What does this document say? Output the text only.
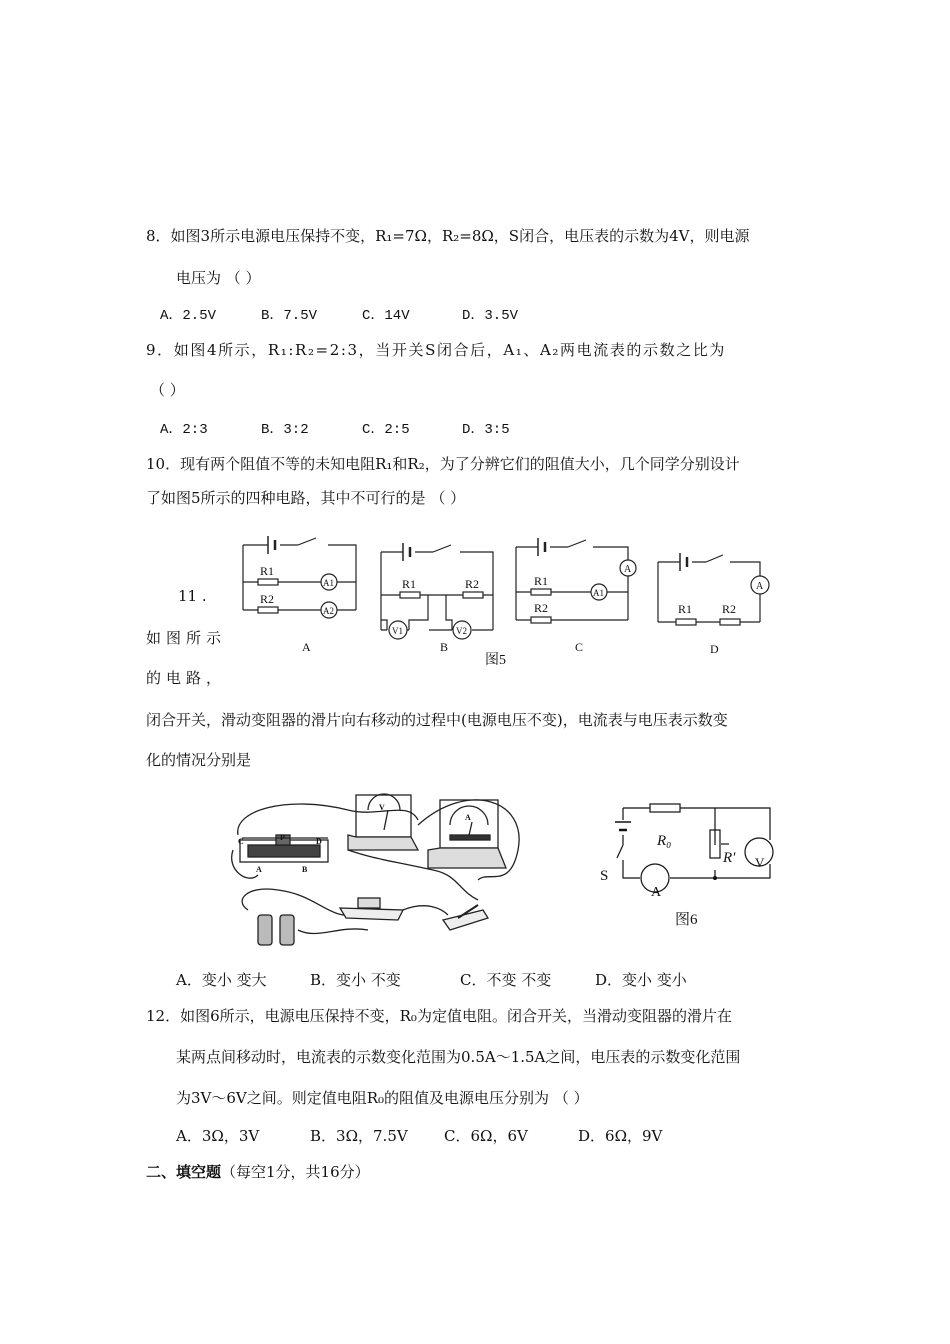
8．如图3所示电源电压保持不变，R₁=7Ω，R₂=8Ω，S闭合，电压表的示数为4V，则电源
电压为 （ ）
A．2.5V	B．7.5V	C．14V	D．3.5V
9．如图4所示，R₁:R₂=2:3，当开关S闭合后，A₁、A₂两电流表的示数之比为
（ ）
A．2:3	B．3:2	C．2:5	D．3:5
10．现有两个阻值不等的未知电阻R₁和R₂，为了分辨它们的阻值大小，几个同学分别设计
了如图5所示的四种电路，其中不可行的是 （ ）
R1
R2
A1
A2
R1	R2
V1	V2
R1
R2
A
A1
A
R1 R2
A	B	C	D
图5
11 .
如图所示
的电路，
闭合开关，滑动变阻器的滑片向右移动的过程中(电源电压不变)，电流表与电压表示数变
化的情况分别是
C	P	D
A	B
V
A
R₀
R′
S
A
V
图6
A．变小 变大	B．变小 不变	C．不变 不变	D．变小 变小
12．如图6所示，电源电压保持不变，R₀为定值电阻。闭合开关，当滑动变阻器的滑片在
某两点间移动时，电流表的示数变化范围为0.5A～1.5A之间，电压表的示数变化范围
为3V～6V之间。则定值电阻R₀的阻值及电源电压分别为 （ ）
A．3Ω，3V	B．3Ω，7.5V C．6Ω，6V	D．6Ω，9V
二、填空题（每空1分，共16分）
